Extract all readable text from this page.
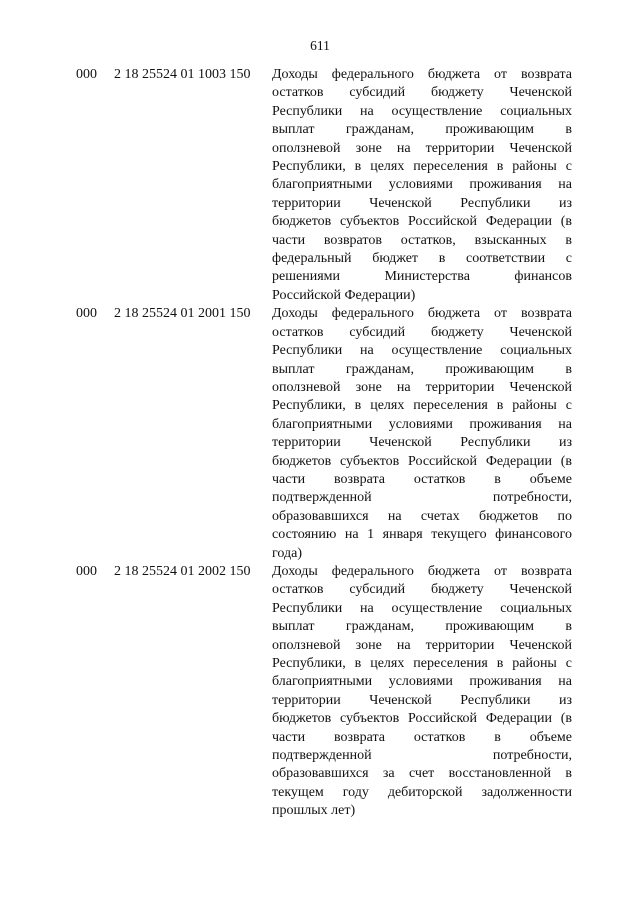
611
000 2 18 25524 01 1003 150 Доходы федерального бюджета от возврата
остатков субсидий бюджету Чеченской
Республики на осуществление социальных
выплат гражданам, проживающим в
оползневой зоне на территории Чеченской
Республики, в целях переселения в районы с
благоприятными условиями проживания на
территории Чеченской Республики из
бюджетов субъектов Российской Федерации (в
части возвратов остатков, взысканных в
федеральный бюджет в соответствии с
решениями Министерства финансов
Российской Федерации)
000 2 18 25524 01 2001 150 Доходы федерального бюджета от возврата
остатков субсидий бюджету Чеченской
Республики на осуществление социальных
выплат гражданам, проживающим в
оползневой зоне на территории Чеченской
Республики, в целях переселения в районы с
благоприятными условиями проживания на
территории Чеченской Республики из
бюджетов субъектов Российской Федерации (в
части возврата остатков в объеме
подтвержденной потребности,
образовавшихся на счетах бюджетов по
состоянию на 1 января текущего финансового
года)
000 2 18 25524 01 2002 150 Доходы федерального бюджета от возврата
остатков субсидий бюджету Чеченской
Республики на осуществление социальных
выплат гражданам, проживающим в
оползневой зоне на территории Чеченской
Республики, в целях переселения в районы с
благоприятными условиями проживания на
территории Чеченской Республики из
бюджетов субъектов Российской Федерации (в
части возврата остатков в объеме
подтвержденной потребности,
образовавшихся за счет восстановленной в
текущем году дебиторской задолженности
прошлых лет)
